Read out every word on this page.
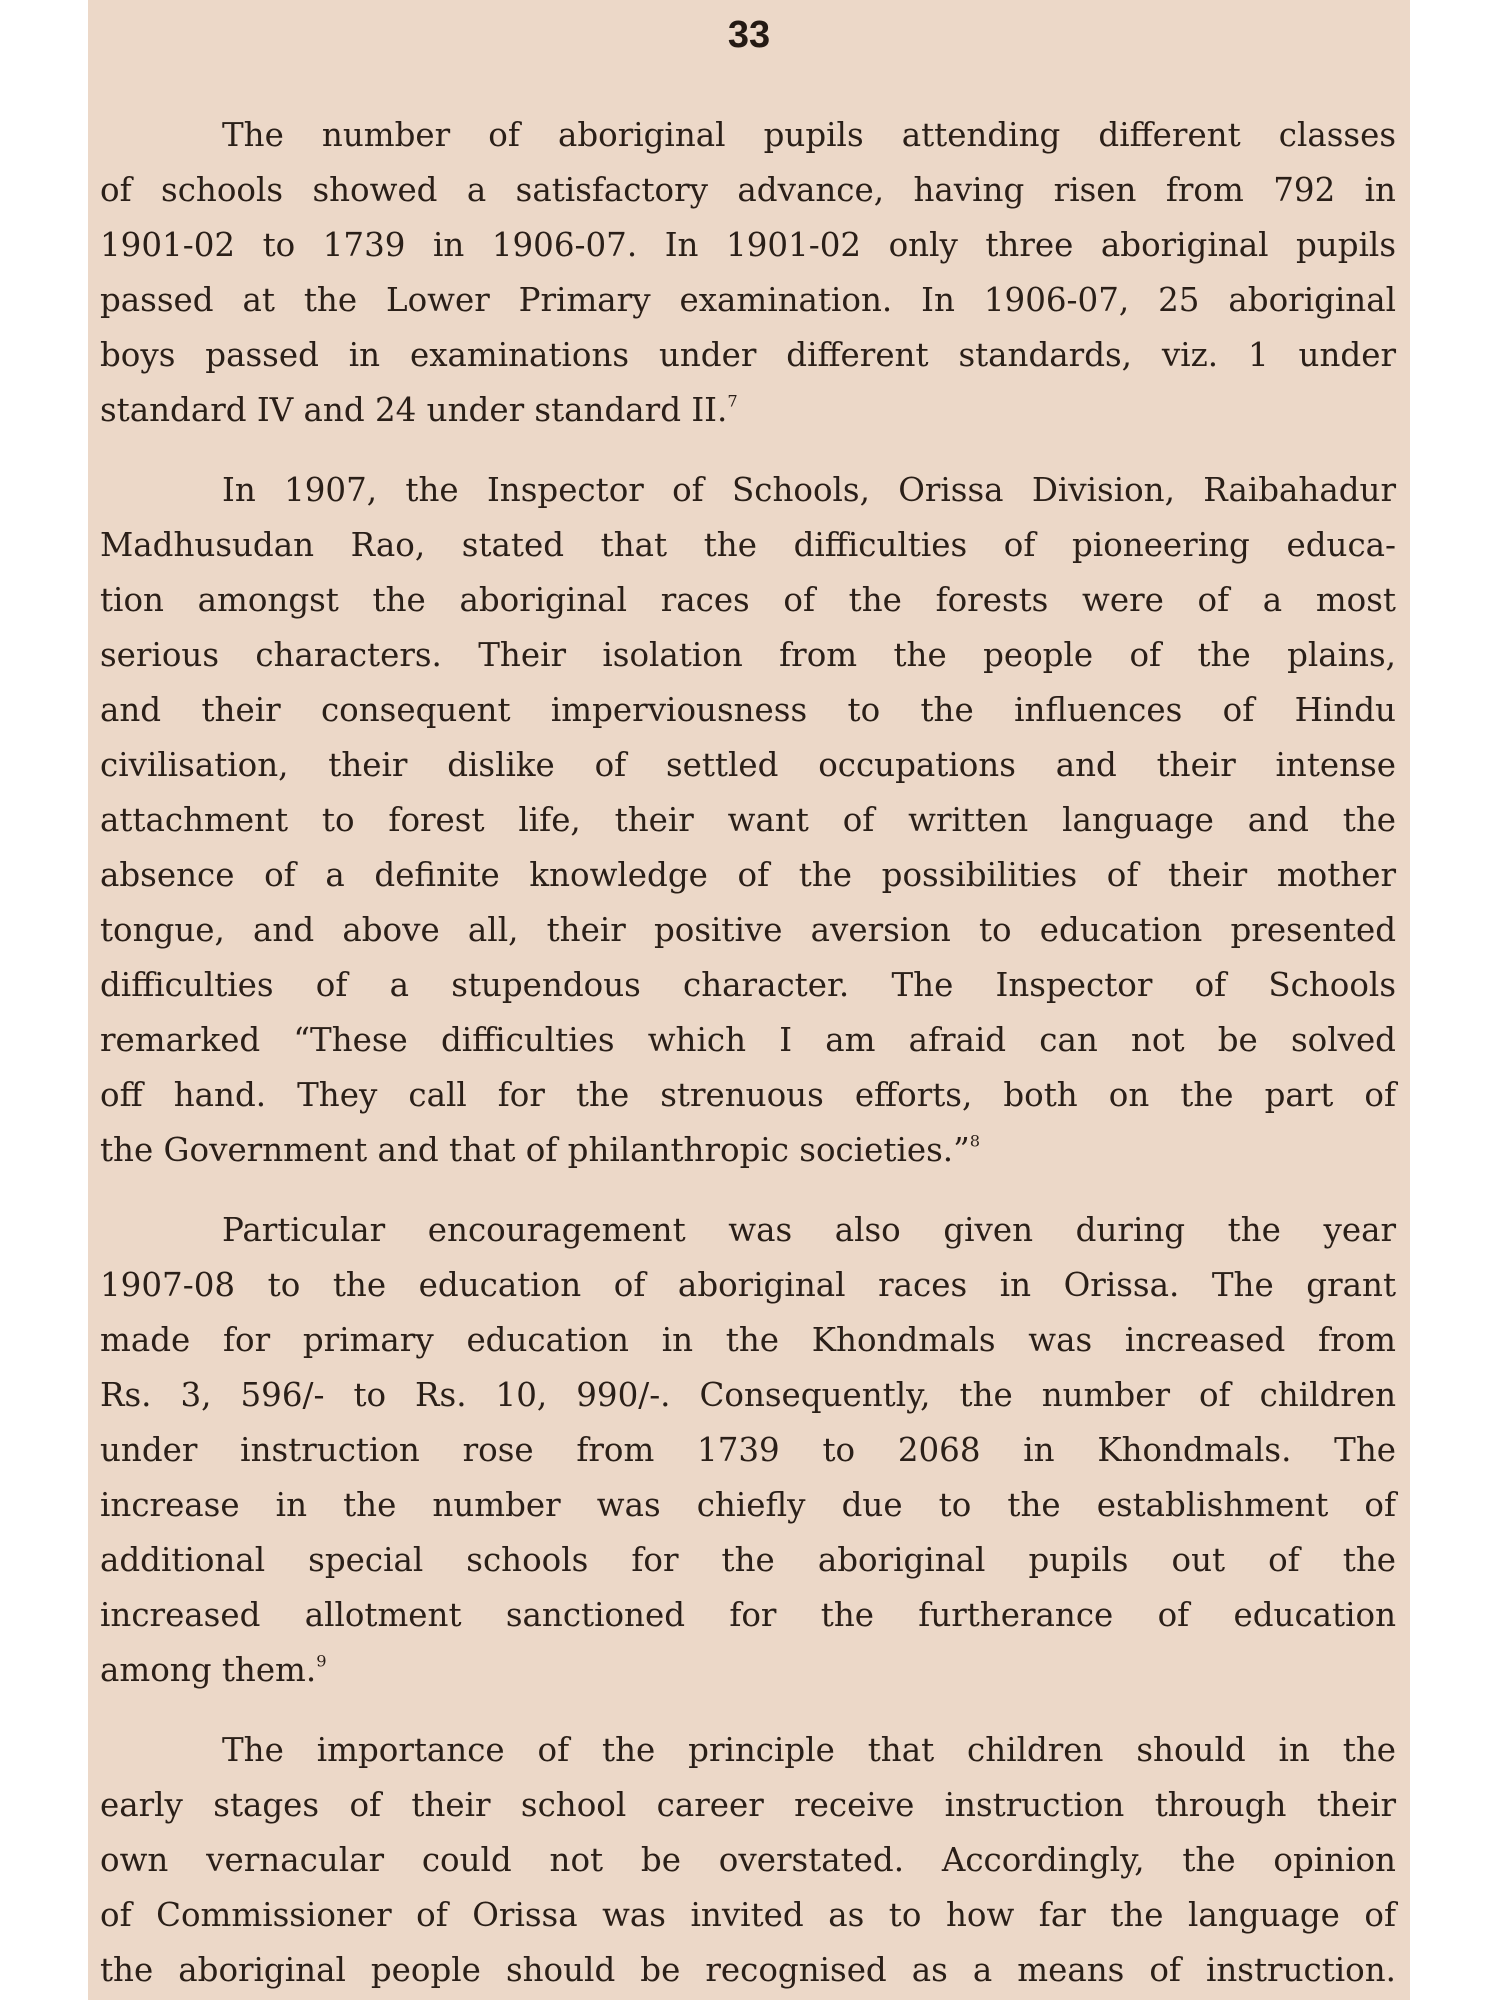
33

The number of aboriginal pupils attending different classes
of schools showed a satisfactory advance, having risen from 792 in
1901-02 to 1739 in 1906-07. In 1901-02 only three aboriginal pupils
passed at the Lower Primary examination. In 1906-07, 25 aboriginal
boys passed in examinations under different standards, viz. 1 under
standard IV and 24 under standard II.$^7$

In 1907, the Inspector of Schools, Orissa Division, Raibahadur
Madhusudan Rao, stated that the difficulties of pioneering educa-
tion amongst the aboriginal races of the forests were of a most
serious characters. Their isolation from the people of the plains,
and their consequent imperviousness to the influences of Hindu
civilisation, their dislike of settled occupations and their intense
attachment to forest life, their want of written language and the
absence of a definite knowledge of the possibilities of their mother
tongue, and above all, their positive aversion to education presented
difficulties of a stupendous character. The Inspector of Schools
remarked “These difficulties which I am afraid can not be solved
off hand. They call for the strenuous efforts, both on the part of
the Government and that of philanthropic societies.”$^8$

Particular encouragement was also given during the year
1907-08 to the education of aboriginal races in Orissa. The grant
made for primary education in the Khondmals was increased from
Rs. 3, 596/- to Rs. 10, 990/-. Consequently, the number of children
under instruction rose from 1739 to 2068 in Khondmals. The
increase in the number was chiefly due to the establishment of
additional special schools for the aboriginal pupils out of the
increased allotment sanctioned for the furtherance of education
among them.$^9$

The importance of the principle that children should in the
early stages of their school career receive instruction through their
own vernacular could not be overstated. Accordingly, the opinion
of Commissioner of Orissa was invited as to how far the language of
the aboriginal people should be recognised as a means of instruction.
